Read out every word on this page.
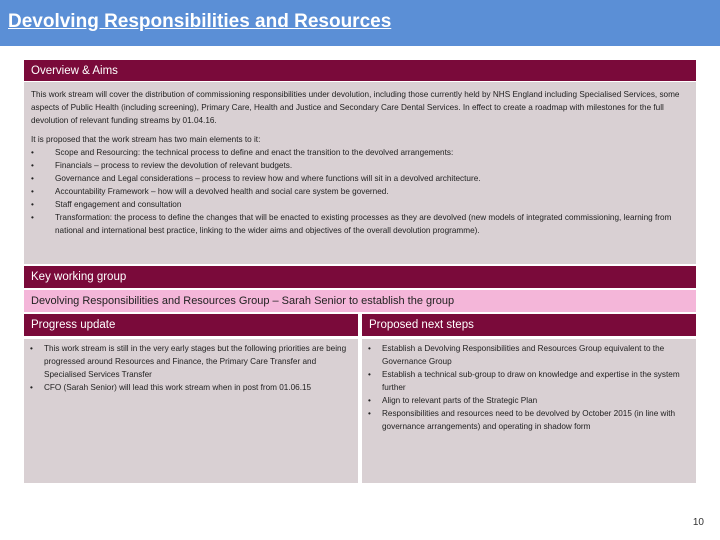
Devolving Responsibilities and Resources
Overview & Aims

This work stream will cover the distribution of commissioning responsibilities under devolution, including those currently held by NHS England including Specialised Services, some aspects of Public Health (including screening), Primary Care, Health and Justice and Secondary Care Dental Services. In effect to create a roadmap with milestones for the full devolution of relevant funding streams by 01.04.16.

It is proposed that the work stream has two main elements to it:

•	Scope and Resourcing: the technical process to define and enact the transition to the devolved arrangements:
•	Financials – process to review the devolution of relevant budgets.
•	Governance and Legal considerations – process to review how and where functions will sit in a devolved architecture.
•	Accountability Framework – how will a devolved health and social care system be governed.
•	Staff engagement and consultation
•	Transformation: the process to define the changes that will be enacted to existing processes as they are devolved (new models of integrated commissioning, learning from national and international best practice, linking to the wider aims and objectives of the overall devolution programme).
Key working group
Devolving Responsibilities and Resources Group – Sarah Senior to establish the group
Progress update
• This work stream is still in the very early stages but the following priorities are being progressed around Resources and Finance, the Primary Care Transfer and Specialised Services Transfer
• CFO (Sarah Senior) will lead this work stream when in post from 01.06.15
Proposed next steps
• Establish a Devolving Responsibilities and Resources Group equivalent to the Governance Group
• Establish a technical sub-group to draw on knowledge and expertise in the system further
• Align to relevant parts of the Strategic Plan
• Responsibilities and resources need to be devolved by October 2015 (in line with governance arrangements) and operating in shadow form
10
